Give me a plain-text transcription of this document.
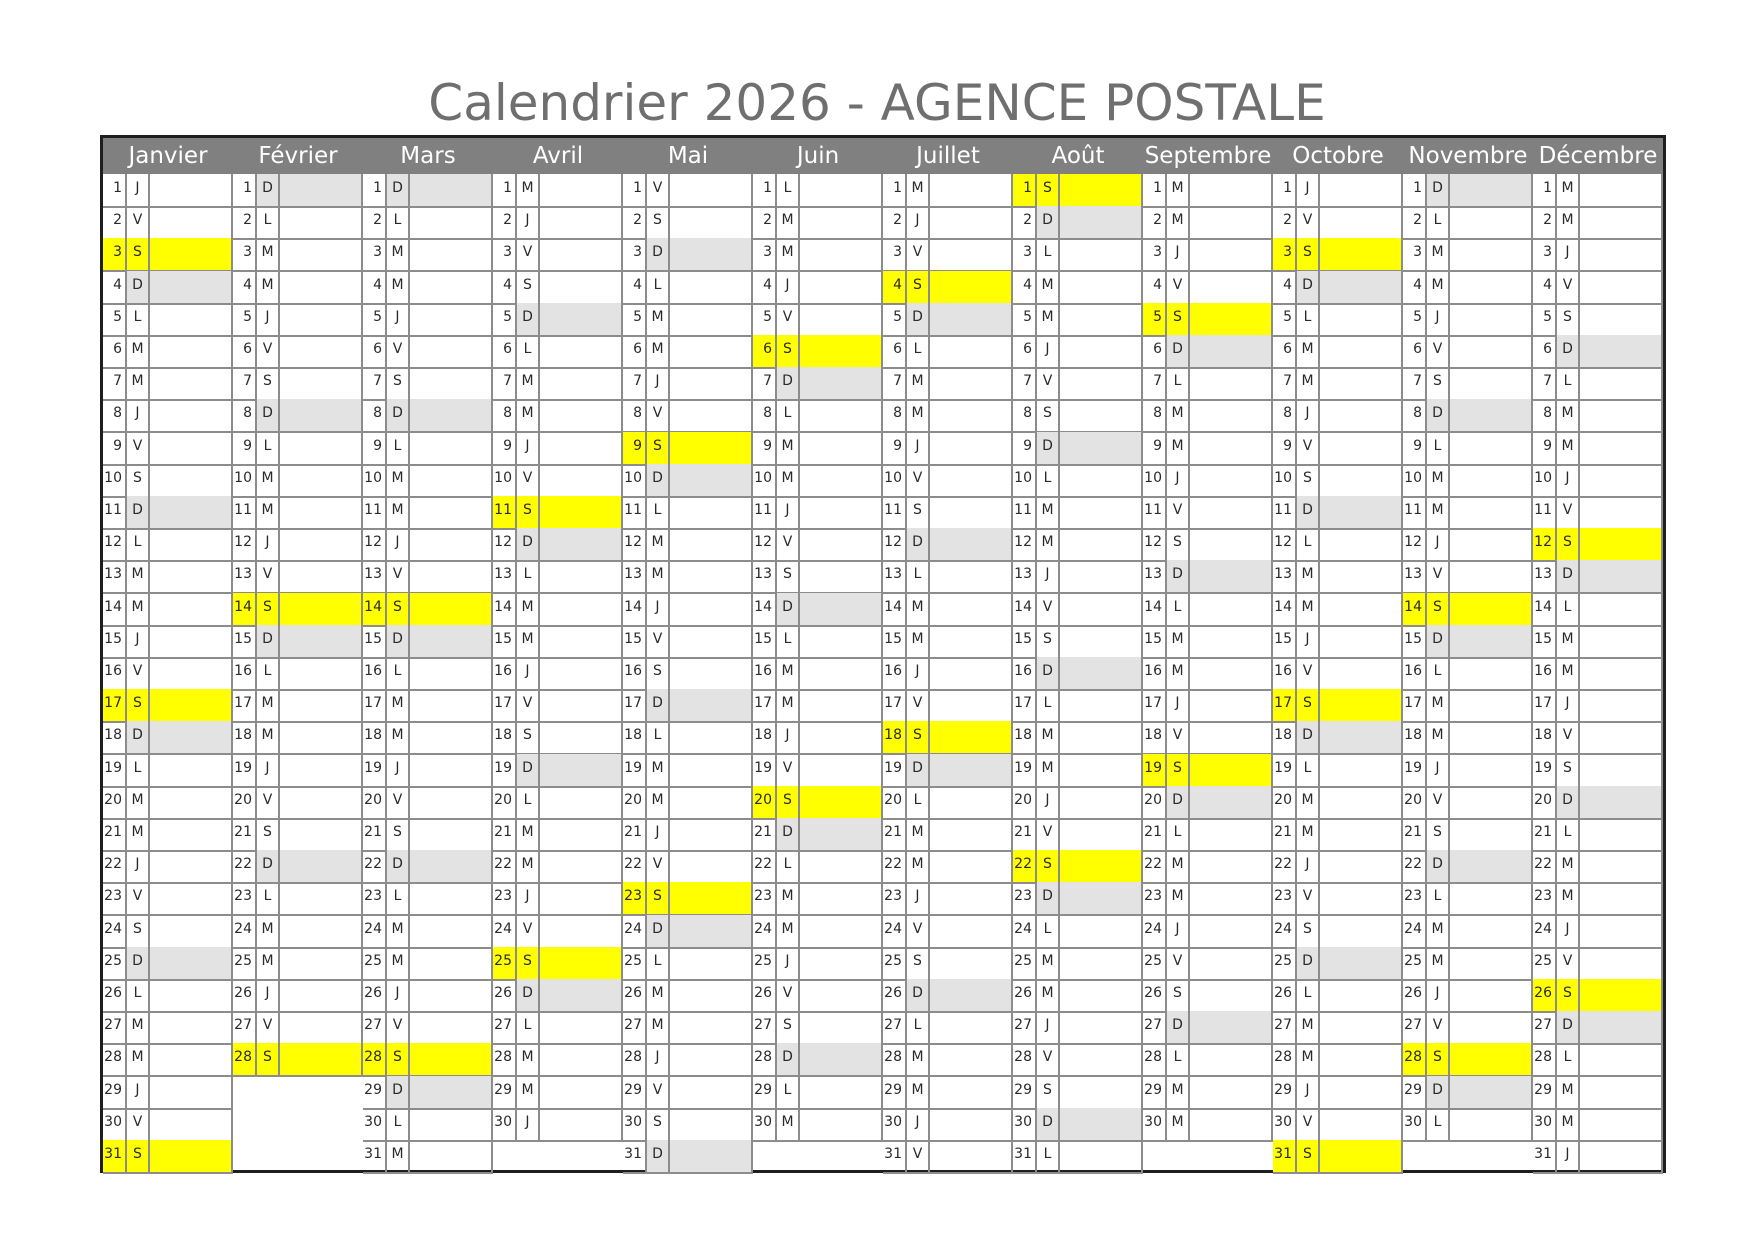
Calendrier 2026 - AGENCE POSTALE
Janvier
1 J
2 V
3 S
4 D
5 L
6 M
7 M
8 J
9 V
10 S
11 D
12 L
13 M
14 M
15 J
16 V
17 S
18 D
19 L
20 M
21 M
22 J
23 V
24 S
25 D
26 L
27 M
28 M
29 J
30 V
31 S
Février
1 D
2 L
3 M
4 M
5 J
6 V
7 S
8 D
9 L
10 M
11 M
12 J
13 V
14 S
15 D
16 L
17 M
18 M
19 J
20 V
21 S
22 D
23 L
24 M
25 M
26 J
27 V
28 S
Mars
1 D
2 L
3 M
4 M
5 J
6 V
7 S
8 D
9 L
10 M
11 M
12 J
13 V
14 S
15 D
16 L
17 M
18 M
19 J
20 V
21 S
22 D
23 L
24 M
25 M
26 J
27 V
28 S
29 D
30 L
31 M
Avril
1 M
2 J
3 V
4 S
5 D
6 L
7 M
8 M
9 J
10 V
11 S
12 D
13 L
14 M
15 M
16 J
17 V
18 S
19 D
20 L
21 M
22 M
23 J
24 V
25 S
26 D
27 L
28 M
29 M
30 J
Mai
1 V
2 S
3 D
4 L
5 M
6 M
7 J
8 V
9 S
10 D
11 L
12 M
13 M
14 J
15 V
16 S
17 D
18 L
19 M
20 M
21 J
22 V
23 S
24 D
25 L
26 M
27 M
28 J
29 V
30 S
31 D
Juin
1 L
2 M
3 M
4 J
5 V
6 S
7 D
8 L
9 M
10 M
11 J
12 V
13 S
14 D
15 L
16 M
17 M
18 J
19 V
20 S
21 D
22 L
23 M
24 M
25 J
26 V
27 S
28 D
29 L
30 M
Juillet
1 M
2 J
3 V
4 S
5 D
6 L
7 M
8 M
9 J
10 V
11 S
12 D
13 L
14 M
15 M
16 J
17 V
18 S
19 D
20 L
21 M
22 M
23 J
24 V
25 S
26 D
27 L
28 M
29 M
30 J
31 V
Août
1 S
2 D
3 L
4 M
5 M
6 J
7 V
8 S
9 D
10 L
11 M
12 M
13 J
14 V
15 S
16 D
17 L
18 M
19 M
20 J
21 V
22 S
23 D
24 L
25 M
26 M
27 J
28 V
29 S
30 D
31 L
Septembre
1 M
2 M
3 J
4 V
5 S
6 D
7 L
8 M
9 M
10 J
11 V
12 S
13 D
14 L
15 M
16 M
17 J
18 V
19 S
20 D
21 L
22 M
23 M
24 J
25 V
26 S
27 D
28 L
29 M
30 M
Octobre
1 J
2 V
3 S
4 D
5 L
6 M
7 M
8 J
9 V
10 S
11 D
12 L
13 M
14 M
15 J
16 V
17 S
18 D
19 L
20 M
21 M
22 J
23 V
24 S
25 D
26 L
27 M
28 M
29 J
30 V
31 S
Novembre
1 D
2 L
3 M
4 M
5 J
6 V
7 S
8 D
9 L
10 M
11 M
12 J
13 V
14 S
15 D
16 L
17 M
18 M
19 J
20 V
21 S
22 D
23 L
24 M
25 M
26 J
27 V
28 S
29 D
30 L
Décembre
1 M
2 M
3 J
4 V
5 S
6 D
7 L
8 M
9 M
10 J
11 V
12 S
13 D
14 L
15 M
16 M
17 J
18 V
19 S
20 D
21 L
22 M
23 M
24 J
25 V
26 S
27 D
28 L
29 M
30 M
31 J
